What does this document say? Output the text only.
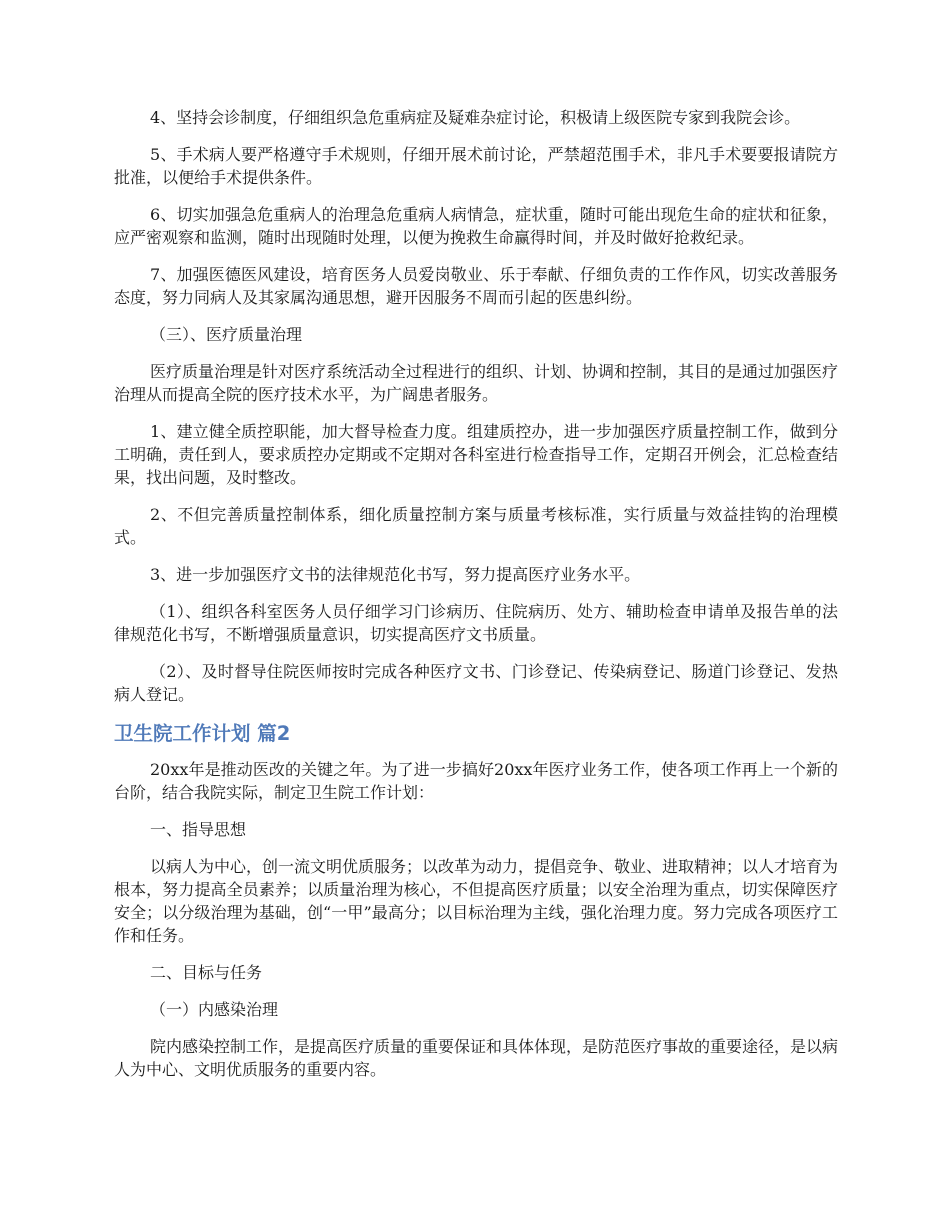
4、坚持会诊制度，仔细组织急危重病症及疑难杂症讨论，积极请上级医院专家到我院会诊。

5、手术病人要严格遵守手术规则，仔细开展术前讨论，严禁超范围手术，非凡手术要要报请院方批准，以便给手术提供条件。

6、切实加强急危重病人的治理急危重病人病情急，症状重，随时可能出现危生命的症状和征象， 应严密观察和监测，随时出现随时处理，以便为挽救生命赢得时间，并及时做好抢救纪录。

7、加强医德医风建设，培育医务人员爱岗敬业、乐于奉献、仔细负责的工作作风，切实改善服务态度，努力同病人及其家属沟通思想，避开因服务不周而引起的医患纠纷。

（三）、医疗质量治理

医疗质量治理是针对医疗系统活动全过程进行的组织、计划、协调和控制，其目的是通过加强医疗治理从而提高全院的医疗技术水平，为广阔患者服务。

1、建立健全质控职能，加大督导检查力度。组建质控办，进一步加强医疗质量控制工作，做到分工明确，责任到人，要求质控办定期或不定期对各科室进行检查指导工作，定期召开例会，汇总检查结果，找出问题，及时整改。

2、不但完善质量控制体系，细化质量控制方案与质量考核标准，实行质量与效益挂钩的治理模式。

3、进一步加强医疗文书的法律规范化书写，努力提高医疗业务水平。

（1）、组织各科室医务人员仔细学习门诊病历、住院病历、处方、辅助检查申请单及报告单的法律规范化书写，不断增强质量意识，切实提高医疗文书质量。

（2）、及时督导住院医师按时完成各种医疗文书、门诊登记、传染病登记、肠道门诊登记、发热病人登记。

卫生院工作计划 篇2

20xx年是推动医改的关键之年。为了进一步搞好20xx年医疗业务工作，使各项工作再上一个新的台阶，结合我院实际，制定卫生院工作计划：

一、指导思想

以病人为中心，创一流文明优质服务；以改革为动力，提倡竞争、敬业、进取精神；以人才培育为根本，努力提高全员素养；以质量治理为核心，不但提高医疗质量；以安全治理为重点，切实保障医疗安全；以分级治理为基础，创“一甲”最高分；以目标治理为主线，强化治理力度。努力完成各项医疗工作和任务。

二、目标与任务

（一）内感染治理

院内感染控制工作，是提高医疗质量的重要保证和具体体现，是防范医疗事故的重要途径，是以病人为中心、文明优质服务的重要内容。
